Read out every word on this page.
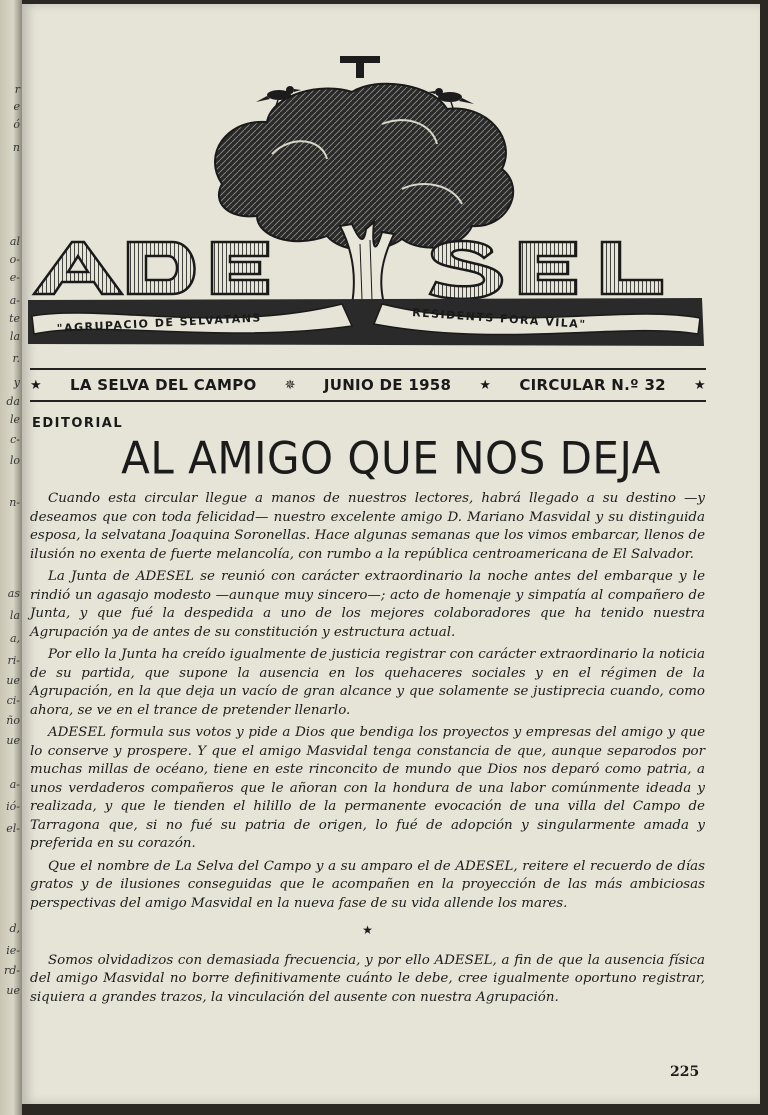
r
e
ó
n
al
o-
e-
a-
te
la
r.
y
da
le
c-
lo
n-
as
la
a,
ri-
ue
ci-
ño
ue
a-
ió-
el-
d,
ie-
rd-
ue
"AGRUPACIO DE SELVATANS	RESIDENTS FORA VILA"
★ LA SELVA DEL CAMPO ✵ JUNIO DE 1958 ★ CIRCULAR N.º 32 ★
EDITORIAL
AL AMIGO QUE NOS DEJA

Cuando esta circular llegue a manos de nuestros lectores, habrá llegado a su destino —y deseamos que con toda felicidad— nuestro excelente amigo D. Mariano Masvidal y su distinguida esposa, la selvatana Joaquina Soronellas. Hace algunas semanas que los vimos embarcar, llenos de ilusión no exenta de fuerte melancolía, con rumbo a la república centroamericana de El Salvador.

La Junta de ADESEL se reunió con carácter extraordinario la noche antes del embarque y le rindió un agasajo modesto —aunque muy sincero—; acto de homenaje y simpatía al compañero de Junta, y que fué la despedida a uno de los mejores colaboradores que ha tenido nuestra Agrupación ya de antes de su constitución y estructura actual.

Por ello la Junta ha creído igualmente de justicia registrar con carácter extraordinario la noticia de su partida, que supone la ausencia en los quehaceres sociales y en el régimen de la Agrupación, en la que deja un vacío de gran alcance y que solamente se justiprecia cuando, como ahora, se ve en el trance de pretender llenarlo.

ADESEL formula sus votos y pide a Dios que bendiga los proyectos y empresas del amigo y que lo conserve y prospere. Y que el amigo Masvidal tenga constancia de que, aunque separodos por muchas millas de océano, tiene en este rinconcito de mundo que Dios nos deparó como patria, a unos verdaderos compañeros que le añoran con la hondura de una labor comúnmente ideada y realizada, y que le tienden el hilillo de la permanente evocación de una villa del Campo de Tarragona que, si no fué su patria de origen, lo fué de adopción y singularmente amada y preferida en su corazón.

Que el nombre de La Selva del Campo y a su amparo el de ADESEL, reitere el recuerdo de días gratos y de ilusiones conseguidas que le acompañen en la proyección de las más ambiciosas perspectivas del amigo Masvidal en la nueva fase de su vida allende los mares.

★

Somos olvidadizos con demasiada frecuencia, y por ello ADESEL, a fin de que la ausencia física del amigo Masvidal no borre definitivamente cuánto le debe, cree igualmente oportuno registrar, siquiera a grandes trazos, la vinculación del ausente con nuestra Agrupación.

225
